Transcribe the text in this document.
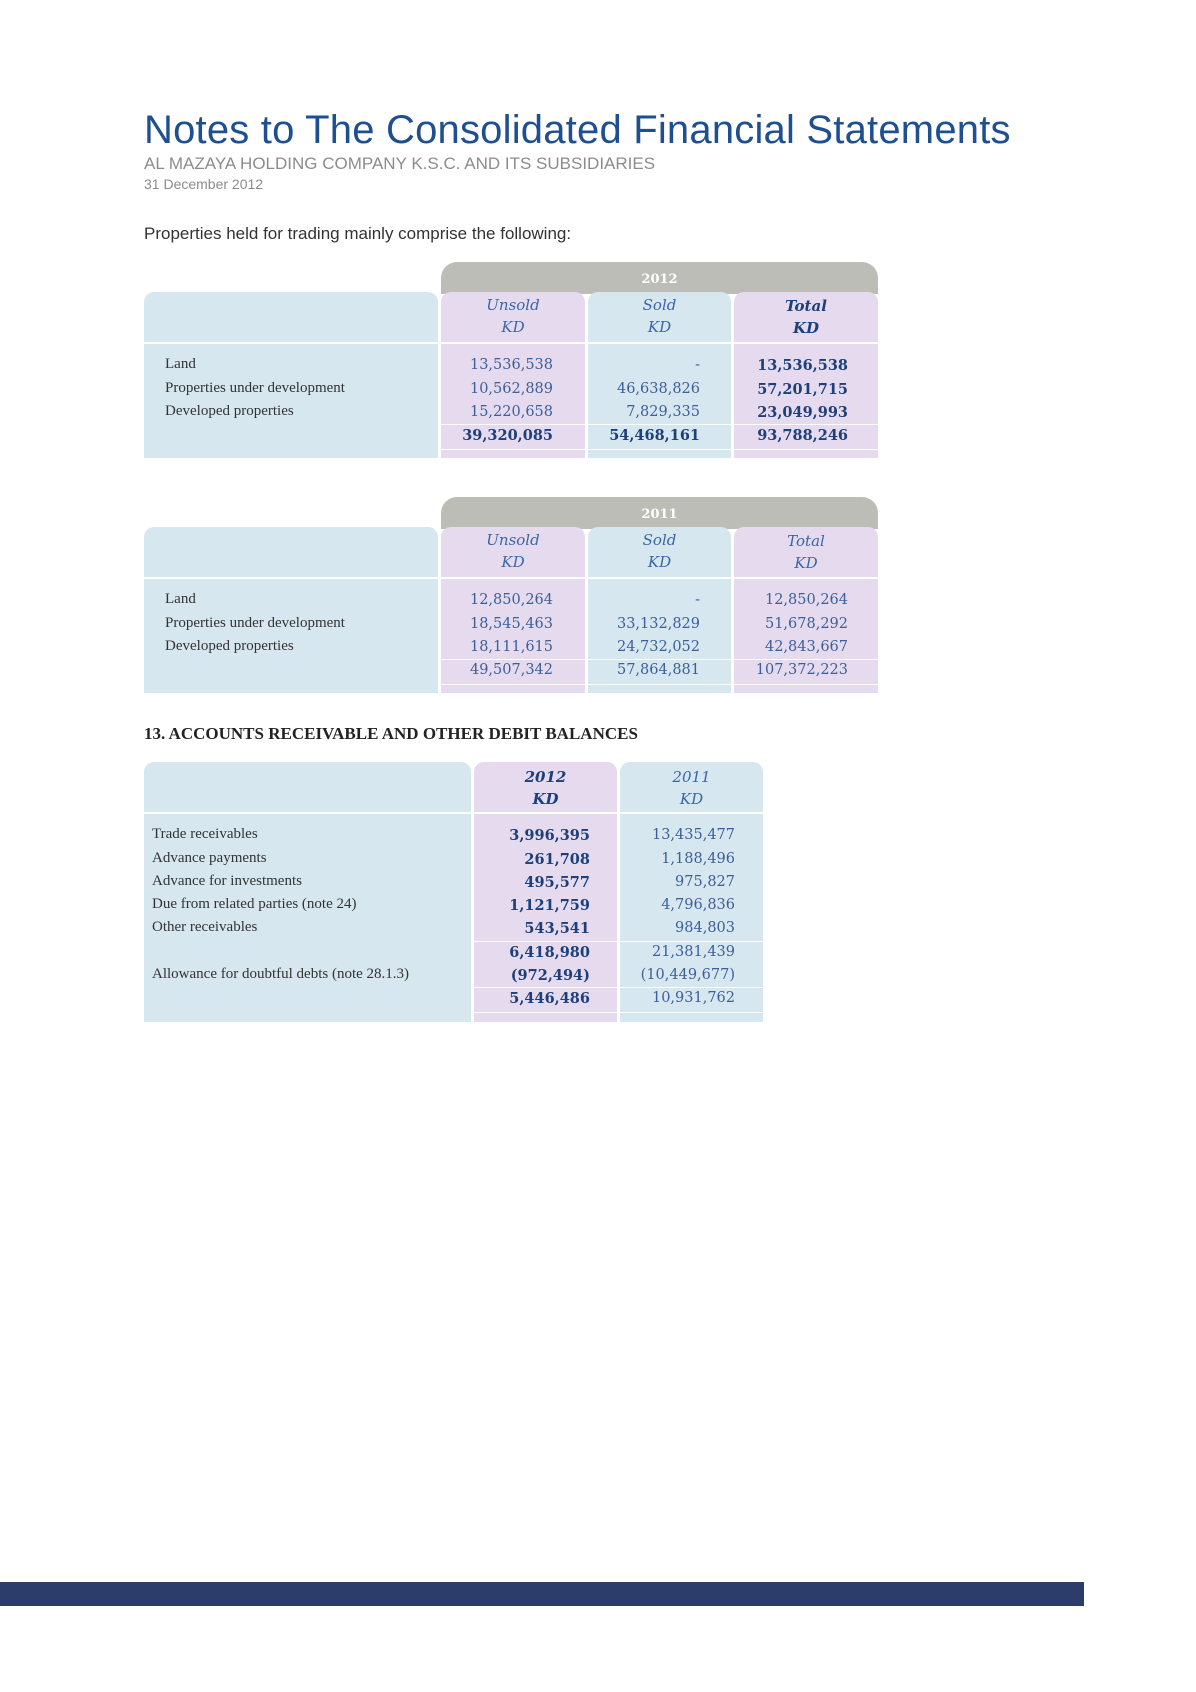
Notes to The Consolidated Financial Statements
AL MAZAYA HOLDING COMPANY K.S.C. AND ITS SUBSIDIARIES
31 December 2012
Properties held for trading mainly comprise the following:
2012
Unsold
KD
Sold
KD
Total
KD
Land
Properties under development
Developed properties
13,536,538
10,562,889
15,220,658
39,320,085
-
46,638,826
7,829,335
54,468,161
13,536,538
57,201,715
23,049,993
93,788,246
2011
Unsold
KD
Sold
KD
Total
KD
Land
Properties under development
Developed properties
12,850,264
18,545,463
18,111,615
49,507,342
-
33,132,829
24,732,052
57,864,881
12,850,264
51,678,292
42,843,667
107,372,223
13. ACCOUNTS RECEIVABLE AND OTHER DEBIT BALANCES
2012
KD
2011
KD
Trade receivables
Advance payments
Advance for investments
Due from related parties (note 24)
Other receivables
Allowance for doubtful debts (note 28.1.3)
3,996,395
261,708
495,577
1,121,759
543,541
6,418,980
(972,494)
5,446,486
13,435,477
1,188,496
975,827
4,796,836
984,803
21,381,439
(10,449,677)
10,931,762
